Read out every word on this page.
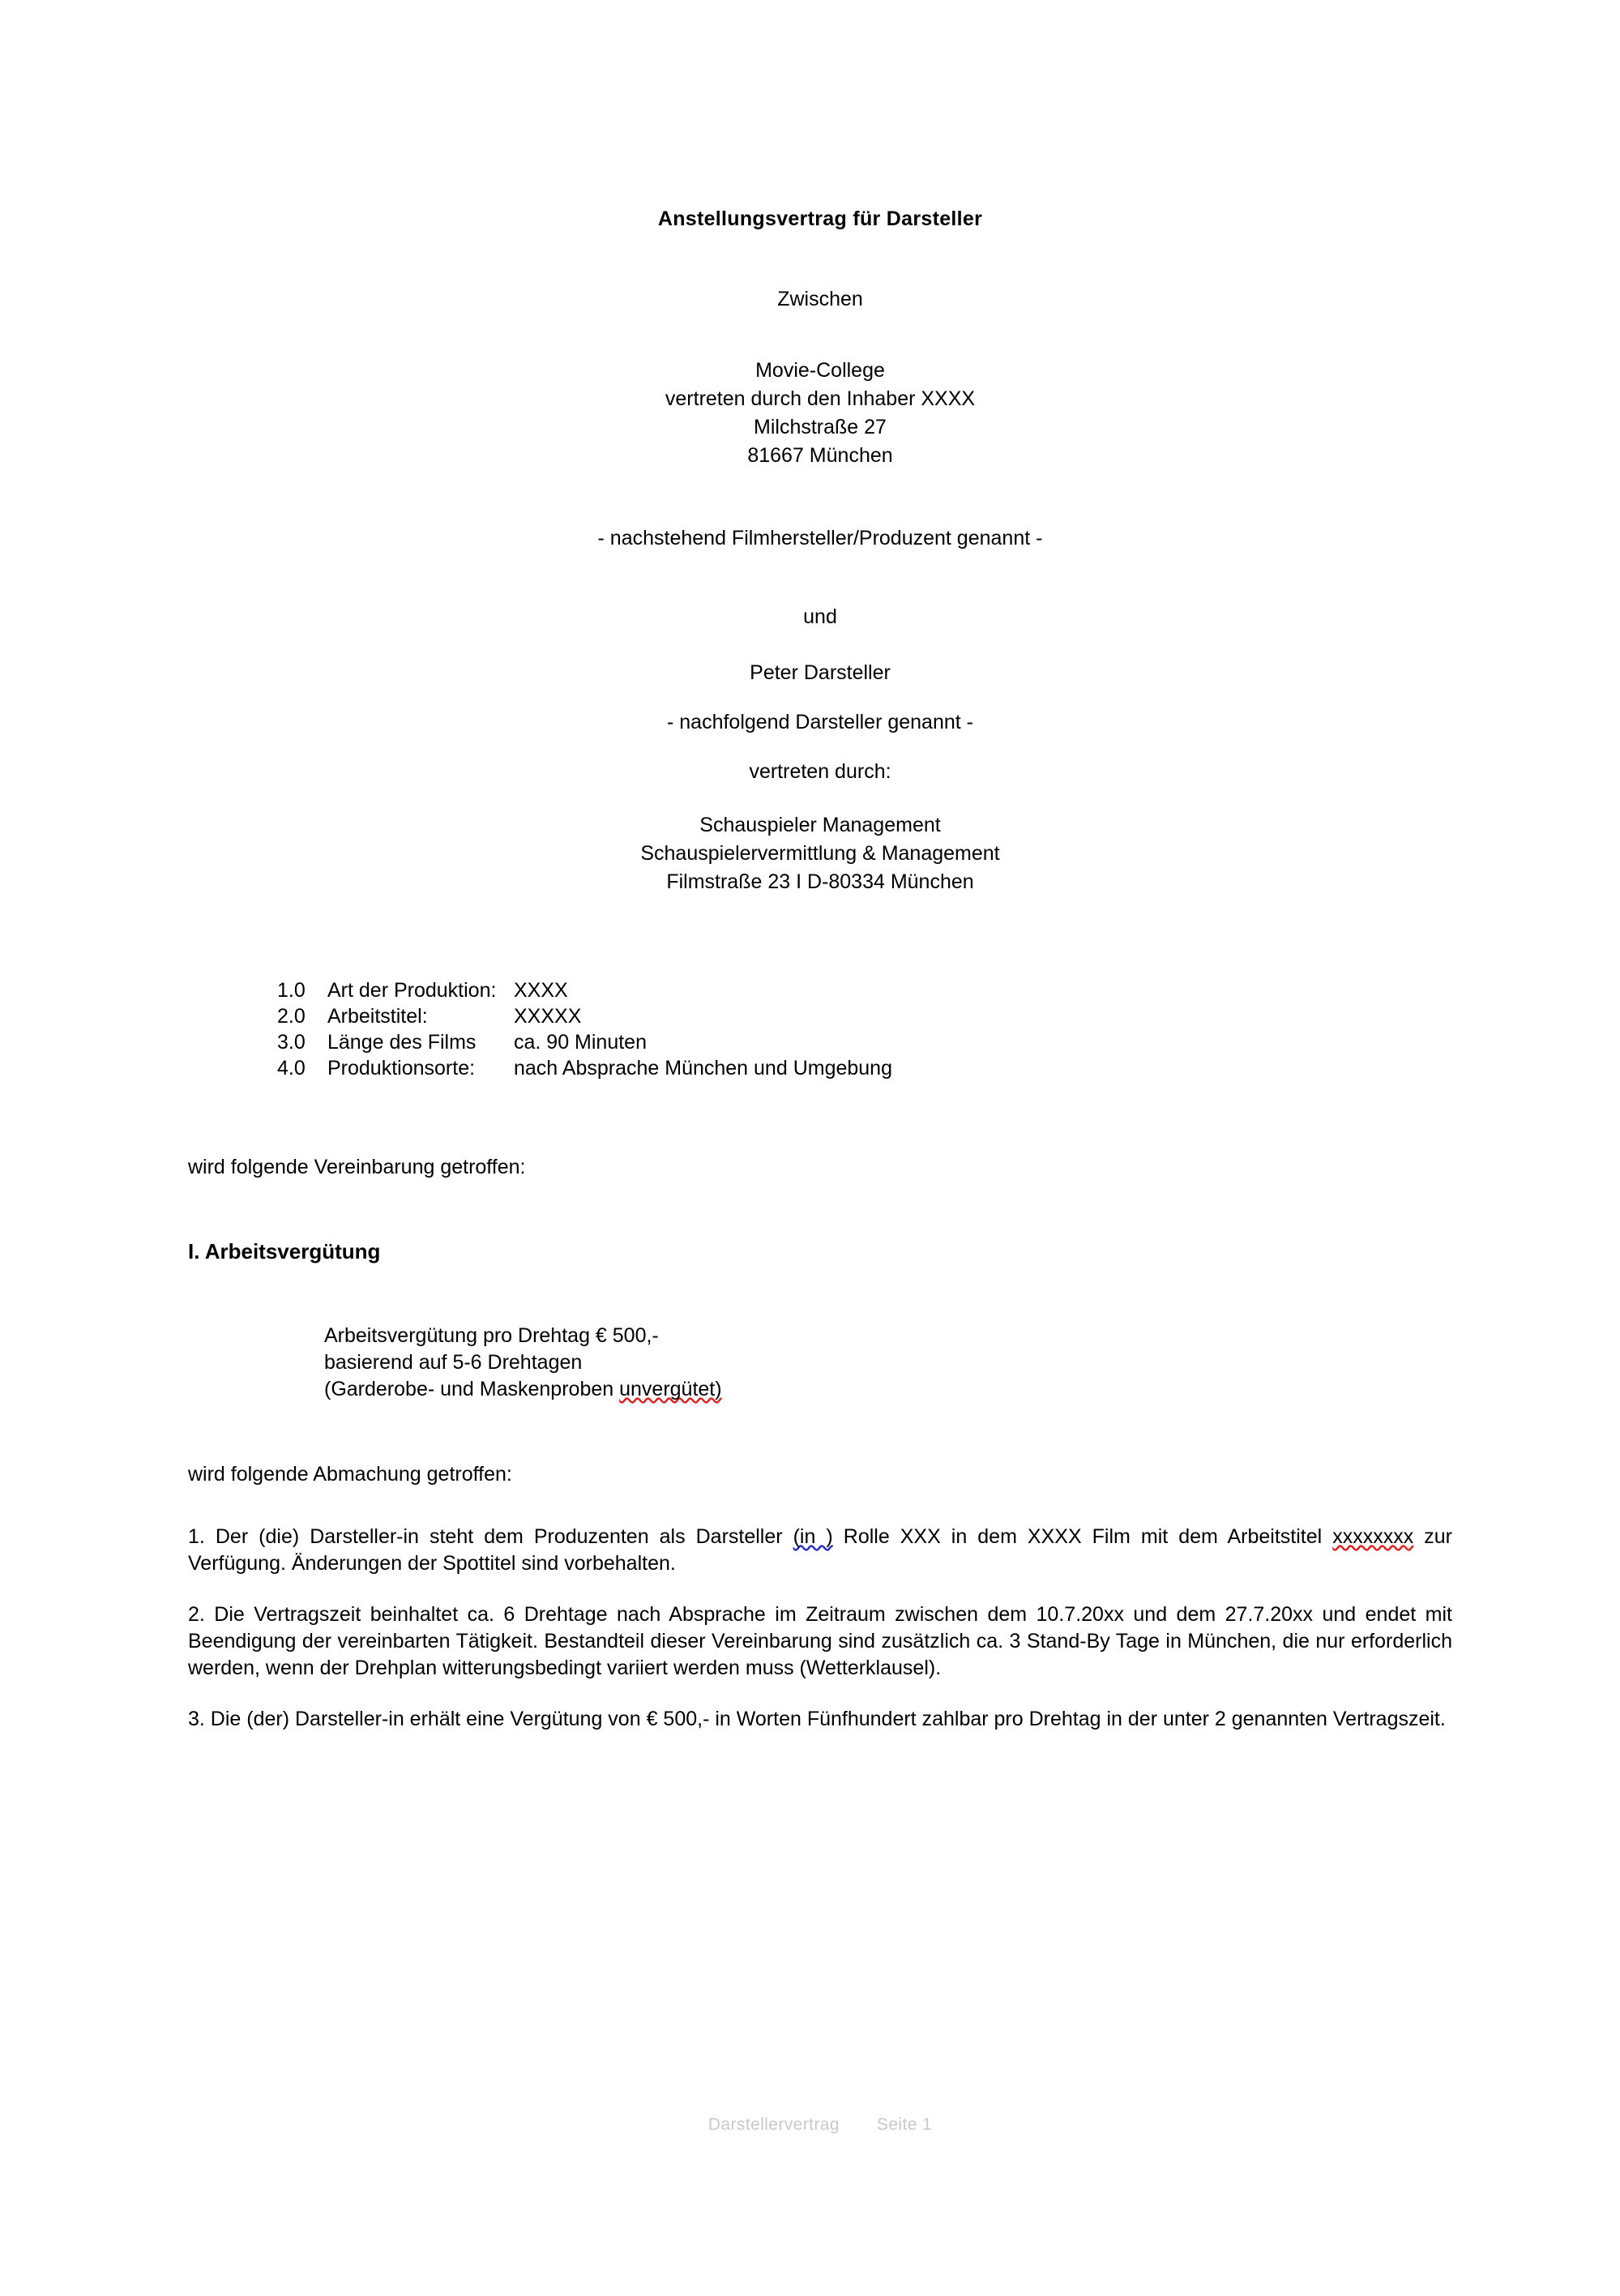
Anstellungsvertrag für Darsteller
Zwischen
Movie-College
vertreten durch den Inhaber XXXX
Milchstraße 27
81667 München
- nachstehend Filmhersteller/Produzent genannt -
und
Peter Darsteller
- nachfolgend Darsteller genannt -
vertreten durch:
Schauspieler Management
Schauspielervermittlung & Management
Filmstraße 23 I D-80334 München
1.0	Art der Produktion:	XXXX
2.0	Arbeitstitel:	XXXXX
3.0	Länge des Films	ca. 90 Minuten
4.0	Produktionsorte:	nach Absprache München und Umgebung

wird folgende Vereinbarung getroffen:

I. Arbeitsvergütung
Arbeitsvergütung pro Drehtag € 500,-
basierend auf 5-6 Drehtagen
(Garderobe- und Maskenproben unvergütet)

wird folgende Abmachung getroffen:

1. Der (die) Darsteller-in steht dem Produzenten als Darsteller (in ) Rolle XXX in dem XXXX Film mit dem Arbeitstitel xxxxxxxx zur Verfügung. Änderungen der Spottitel sind vorbehalten.

2. Die Vertragszeit beinhaltet ca. 6 Drehtage nach Absprache im Zeitraum zwischen dem 10.7.20xx und dem 27.7.20xx und endet mit Beendigung der vereinbarten Tätigkeit. Bestandteil dieser Vereinbarung sind zusätzlich ca. 3 Stand-By Tage in München, die nur erforderlich werden, wenn der Drehplan witterungsbedingt variiert werden muss (Wetterklausel).

3. Die (der) Darsteller-in erhält eine Vergütung von € 500,- in Worten Fünfhundert zahlbar pro Drehtag in der unter 2 genannten Vertragszeit.

Darstellervertrag Seite 1
